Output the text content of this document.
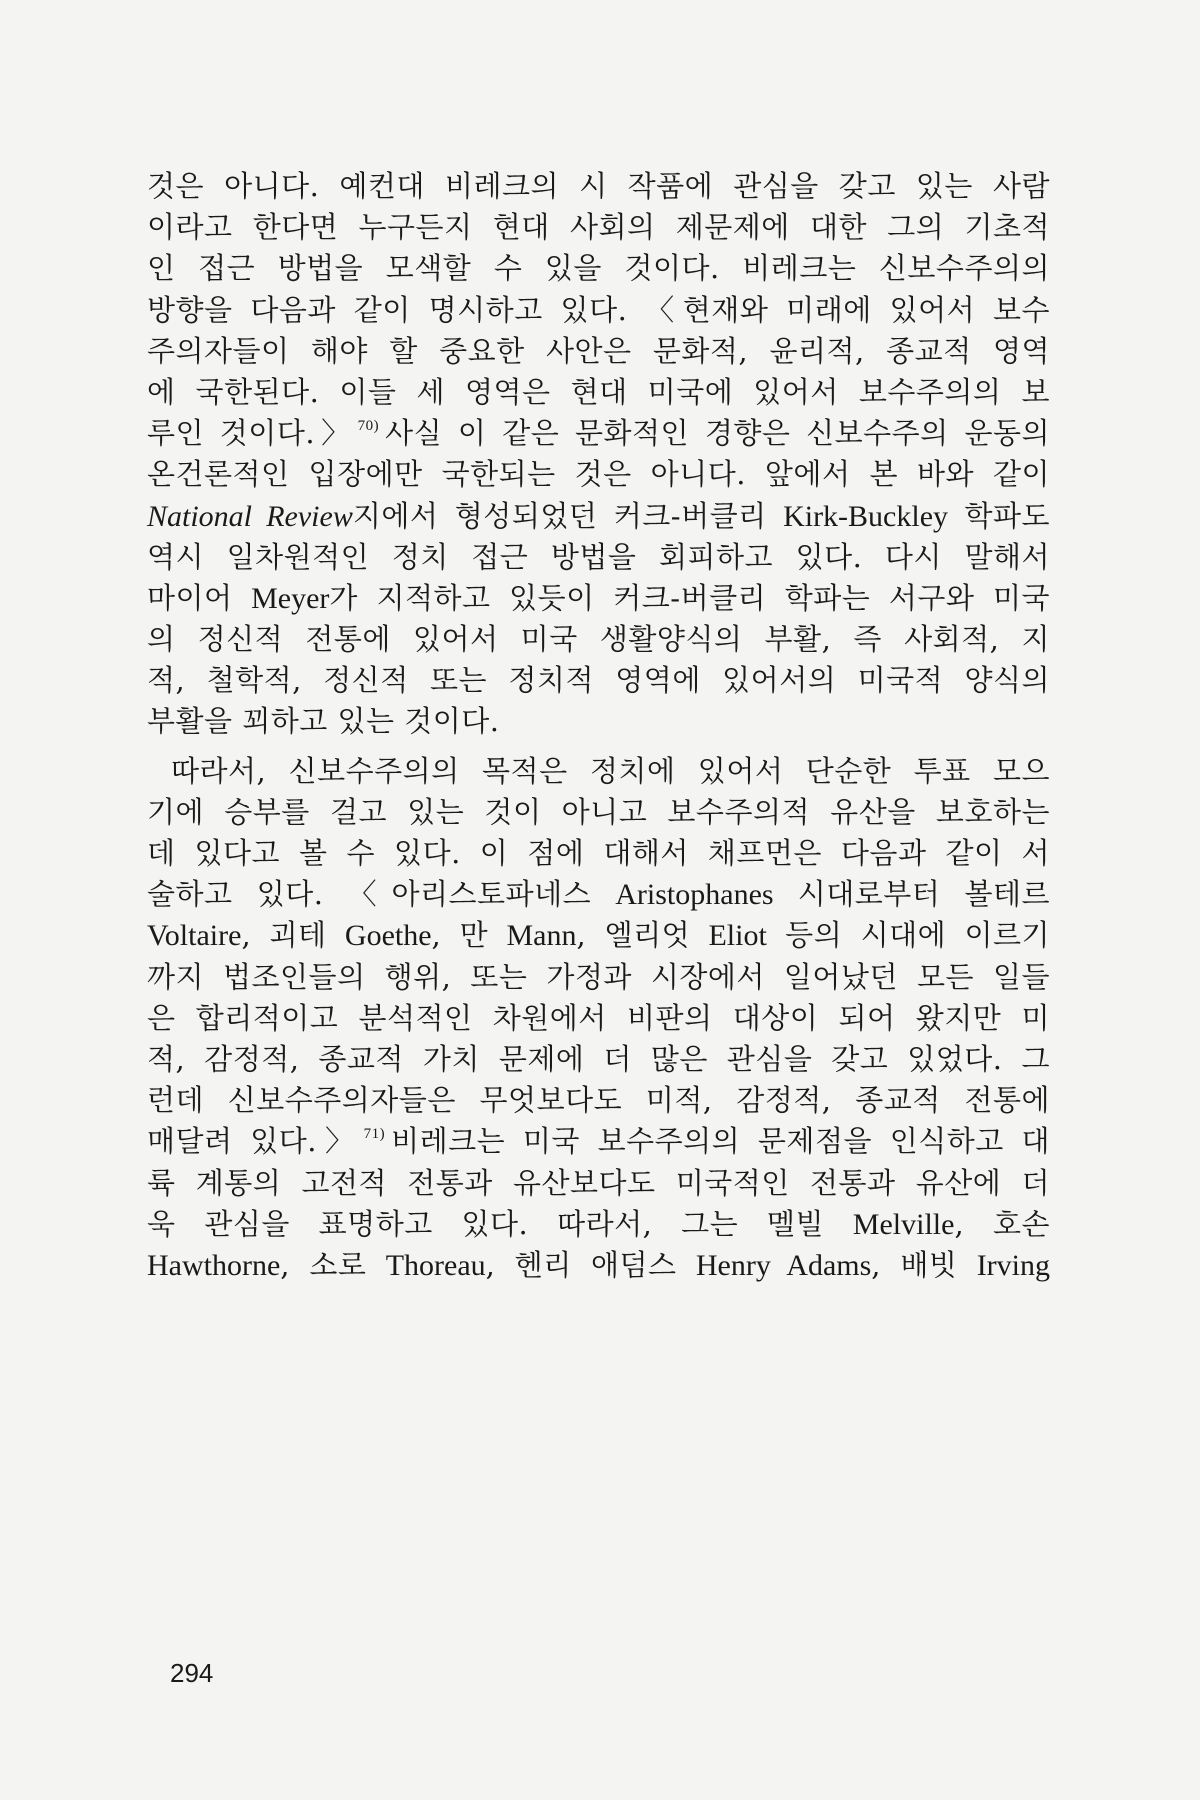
것은 아니다. 예컨대 비레크의 시 작품에 관심을 갖고 있는 사람
이라고 한다면 누구든지 현대 사회의 제문제에 대한 그의 기초적
인 접근 방법을 모색할 수 있을 것이다. 비레크는 신보수주의의
방향을 다음과 같이 명시하고 있다. 〈현재와 미래에 있어서 보수
주의자들이 해야 할 중요한 사안은 문화적, 윤리적, 종교적 영역
에 국한된다. 이들 세 영역은 현대 미국에 있어서 보수주의의 보
루인 것이다.〉$^{70)}$ 사실 이 같은 문화적인 경향은 신보수주의 운동의
온건론적인 입장에만 국한되는 것은 아니다. 앞에서 본 바와 같이
National Review지에서 형성되었던 커크-버클리 Kirk-Buckley 학파도
역시 일차원적인 정치 접근 방법을 회피하고 있다. 다시 말해서
마이어 Meyer가 지적하고 있듯이 커크-버클리 학파는 서구와 미국
의 정신적 전통에 있어서 미국 생활양식의 부활, 즉 사회적, 지
적, 철학적, 정신적 또는 정치적 영역에 있어서의 미국적 양식의
부활을 꾀하고 있는 것이다.
따라서, 신보수주의의 목적은 정치에 있어서 단순한 투표 모으
기에 승부를 걸고 있는 것이 아니고 보수주의적 유산을 보호하는
데 있다고 볼 수 있다. 이 점에 대해서 채프먼은 다음과 같이 서
술하고 있다. 〈아리스토파네스 Aristophanes 시대로부터 볼테르
Voltaire, 괴테 Goethe, 만 Mann, 엘리엇 Eliot 등의 시대에 이르기
까지 법조인들의 행위, 또는 가정과 시장에서 일어났던 모든 일들
은 합리적이고 분석적인 차원에서 비판의 대상이 되어 왔지만 미
적, 감정적, 종교적 가치 문제에 더 많은 관심을 갖고 있었다. 그
런데 신보수주의자들은 무엇보다도 미적, 감정적, 종교적 전통에
매달려 있다.〉$^{71)}$ 비레크는 미국 보수주의의 문제점을 인식하고 대
륙 계통의 고전적 전통과 유산보다도 미국적인 전통과 유산에 더
욱 관심을 표명하고 있다. 따라서, 그는 멜빌 Melville, 호손
Hawthorne, 소로 Thoreau, 헨리 애덤스 Henry Adams, 배빗 Irving
294
